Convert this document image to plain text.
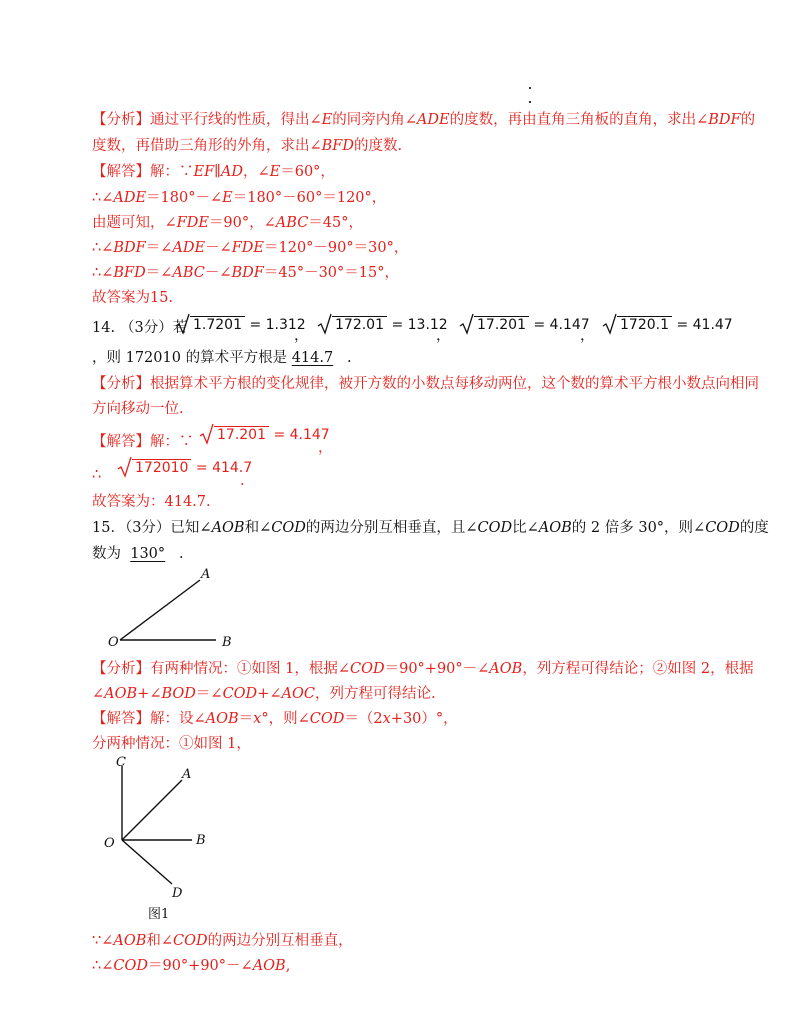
【分析】通过平行线的性质，得出∠E的同旁内角∠ADE的度数，再由直角三角板的直角，求出∠BDF的
度数，再借助三角形的外角，求出∠BFD的度数.
【解答】解：∵EF∥AD，∠E＝60°，
∴∠ADE＝180°－∠E＝180°－60°＝120°，
由题可知，∠FDE＝90°，∠ABC＝45°，
∴∠BDF＝∠ADE－∠FDE＝120°－90°＝30°，
∴∠BFD＝∠ABC－∠BDF＝45°－30°＝15°，
故答案为15.
14. （3分）若 1.7201 = 1.312
，
172.01 = 13.12
，
17.201 = 4.147
，
1720.1 = 41.47
，则 172010 的算术平方根是 414.7 .
【分析】根据算术平方根的变化规律，被开方数的小数点每移动两位，这个数的算术平方根小数点向相同
方向移动一位.
【解答】解：∵	17.201 = 4.147
，
∴	172010 = 414.7
.
故答案为：414.7.
15．（3分）已知∠AOB和∠COD的两边分别互相垂直，且∠COD比∠AOB的 2 倍多 30°，则∠COD的度
数为 130° .
A
O	B
【分析】有两种情况：①如图 1，根据∠COD＝90°+90°－∠AOB，列方程可得结论；②如图 2，根据
∠AOB+∠BOD＝∠COD+∠AOC，列方程可得结论.
【解答】解：设∠AOB＝x°，则∠COD＝（2x+30）°，
分两种情况：①如图 1，
C
A
O	B
D
图1
∵∠AOB和∠COD的两边分别互相垂直，
∴∠COD＝90°+90°－∠AOB,
